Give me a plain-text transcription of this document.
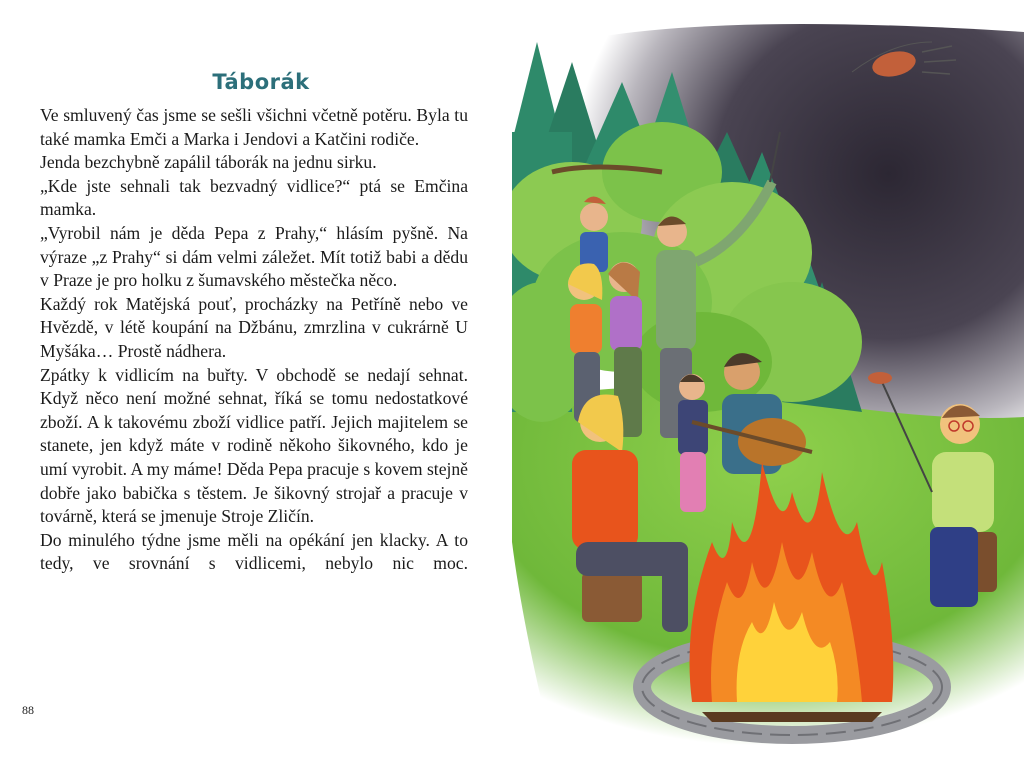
Táborák

Ve smluvený čas jsme se sešli všichni včetně potěru. Byla tu také mamka Emči a Marka i Jendovi a Katčini rodiče.

Jenda bezchybně zapálil táborák na jednu sirku.

„Kde jste sehnali tak bezvadný vidlice?“ ptá se Emčina mamka.

„Vyrobil nám je děda Pepa z Prahy,“ hlásím pyšně. Na výraze „z Prahy“ si dám velmi záležet. Mít totiž babi a dědu v Praze je pro holku z šumavského městečka něco.

Každý rok Matějská pouť, procházky na Petříně nebo ve Hvězdě, v létě koupání na Džbánu, zmrzlina v cukrárně U Myšáka… Prostě nádhera.

Zpátky k vidlicím na buřty. V obchodě se nedají sehnat. Když něco není možné sehnat, říká se tomu nedostatkové zboží. A k takovému zboží vidlice patří. Jejich majitelem se stanete, jen když máte v rodině někoho šikovného, kdo je umí vyrobit. A my máme! Děda Pepa pracuje s kovem stejně dobře jako babička s těstem. Je šikovný strojař a pracuje v továrně, která se jmenuje Stroje Zličín.

Do minulého týdne jsme měli na opékání jen klacky. A to tedy, ve srovnání s vidlicemi, nebylo nic moc.

88
